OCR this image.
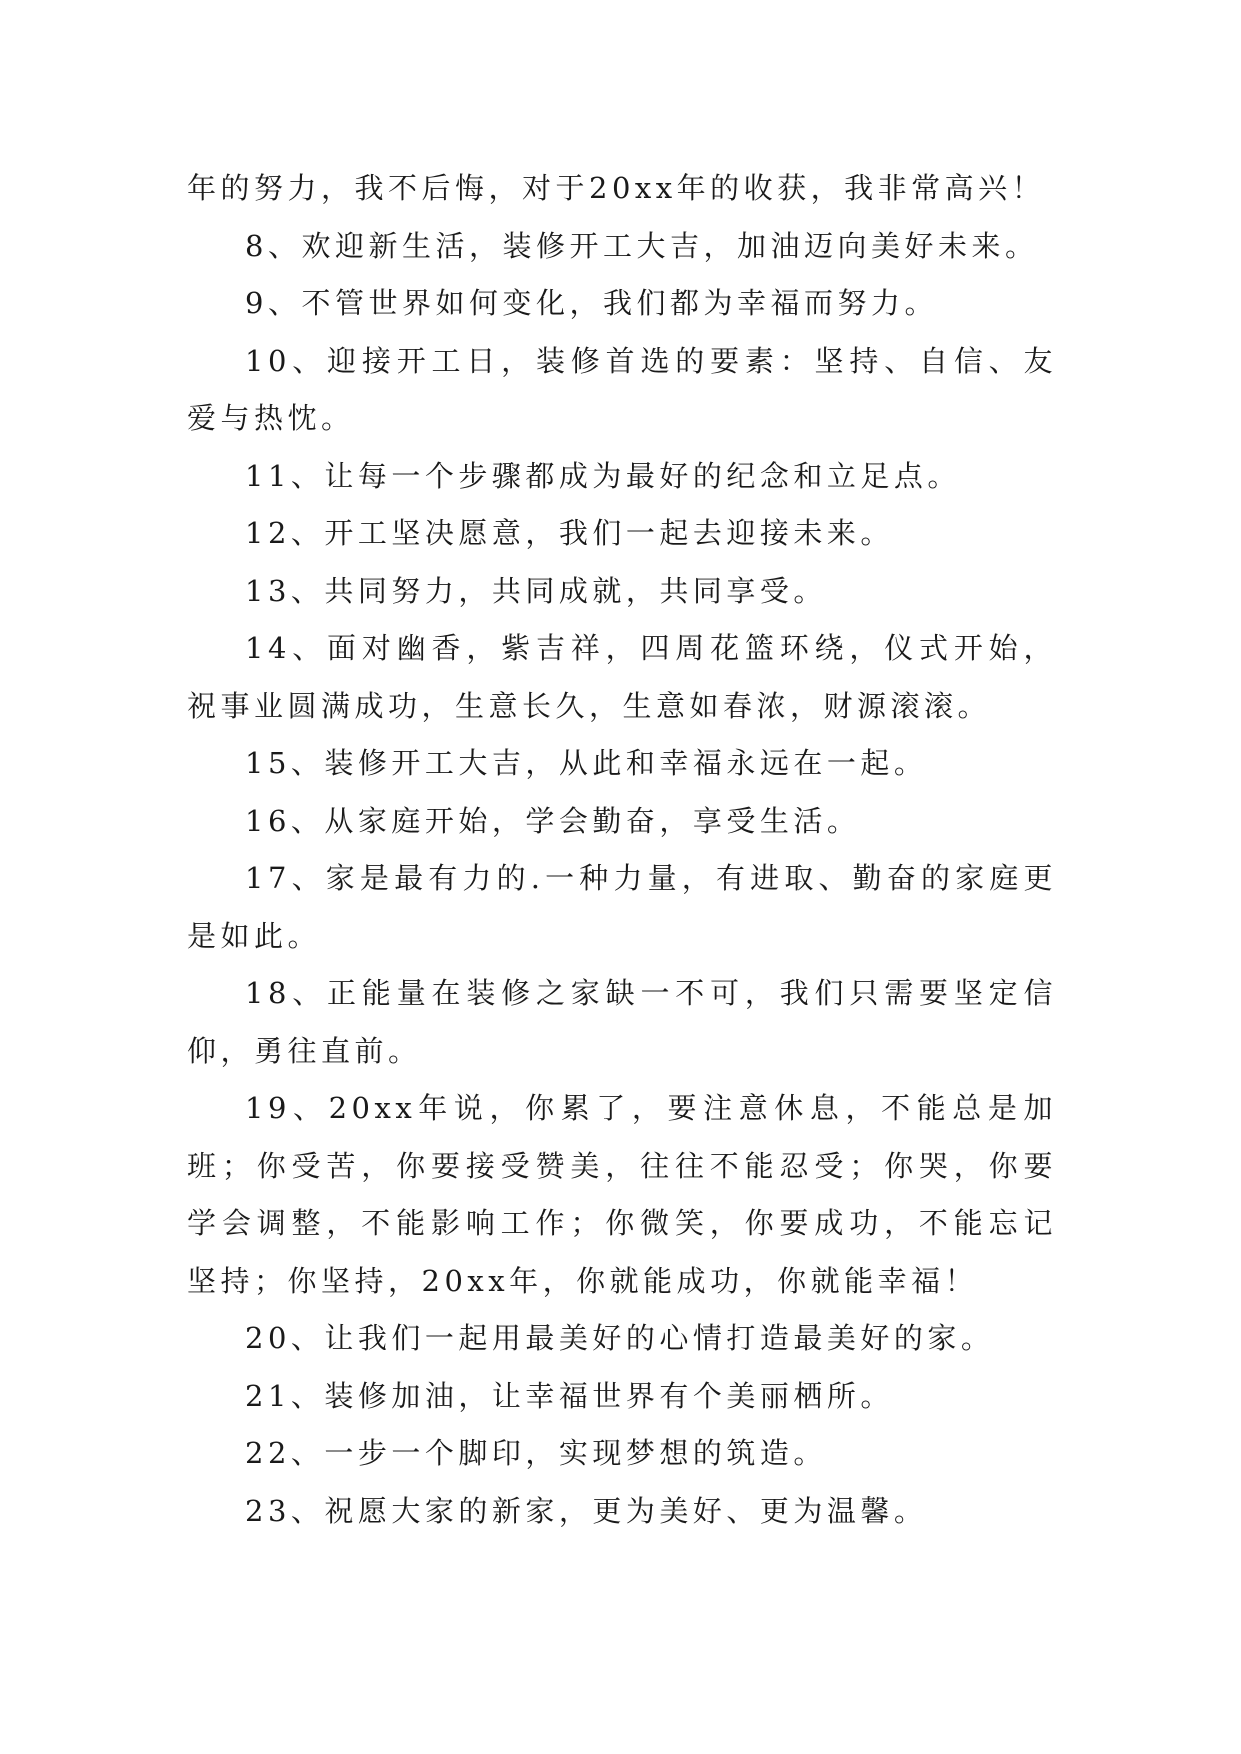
年的努力，我不后悔，对于20xx年的收获，我非常高兴！

8、欢迎新生活，装修开工大吉，加油迈向美好未来。

9、不管世界如何变化，我们都为幸福而努力。

10、迎接开工日，装修首选的要素：坚持、自信、友爱与热忱。

11、让每一个步骤都成为最好的纪念和立足点。

12、开工坚决愿意，我们一起去迎接未来。

13、共同努力，共同成就，共同享受。

14、面对幽香，紫吉祥，四周花篮环绕，仪式开始，祝事业圆满成功，生意长久，生意如春浓，财源滚滚。

15、装修开工大吉，从此和幸福永远在一起。

16、从家庭开始，学会勤奋，享受生活。

17、家是最有力的.一种力量，有进取、勤奋的家庭更是如此。

18、正能量在装修之家缺一不可，我们只需要坚定信仰，勇往直前。

19、20xx年说，你累了，要注意休息，不能总是加班；你受苦，你要接受赞美，往往不能忍受；你哭，你要学会调整，不能影响工作；你微笑，你要成功，不能忘记坚持；你坚持，20xx年，你就能成功，你就能幸福！

20、让我们一起用最美好的心情打造最美好的家。

21、装修加油，让幸福世界有个美丽栖所。

22、一步一个脚印，实现梦想的筑造。

23、祝愿大家的新家，更为美好、更为温馨。
